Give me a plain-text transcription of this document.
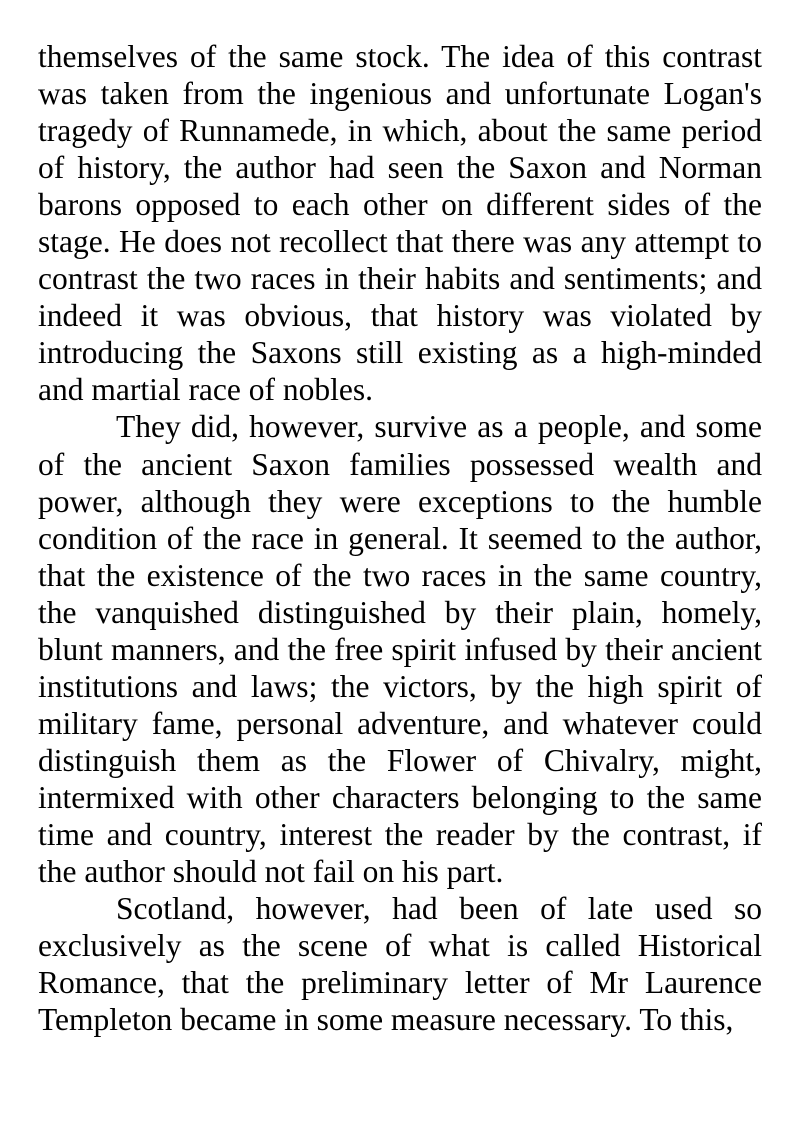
themselves of the same stock. The idea of this contrast was taken from the ingenious and unfortunate Logan's tragedy of Runnamede, in which, about the same period of history, the author had seen the Saxon and Norman barons opposed to each other on different sides of the stage. He does not recollect that there was any attempt to contrast the two races in their habits and sentiments; and indeed it was obvious, that history was violated by introducing the Saxons still existing as a high-minded and martial race of nobles.

They did, however, survive as a people, and some of the ancient Saxon families possessed wealth and power, although they were exceptions to the humble condition of the race in general. It seemed to the author, that the existence of the two races in the same country, the vanquished distinguished by their plain, homely, blunt manners, and the free spirit infused by their ancient institutions and laws; the victors, by the high spirit of military fame, personal adventure, and whatever could distinguish them as the Flower of Chivalry, might, intermixed with other characters belonging to the same time and country, interest the reader by the contrast, if the author should not fail on his part.

Scotland, however, had been of late used so exclusively as the scene of what is called Historical Romance, that the preliminary letter of Mr Laurence Templeton became in some measure necessary. To this,
